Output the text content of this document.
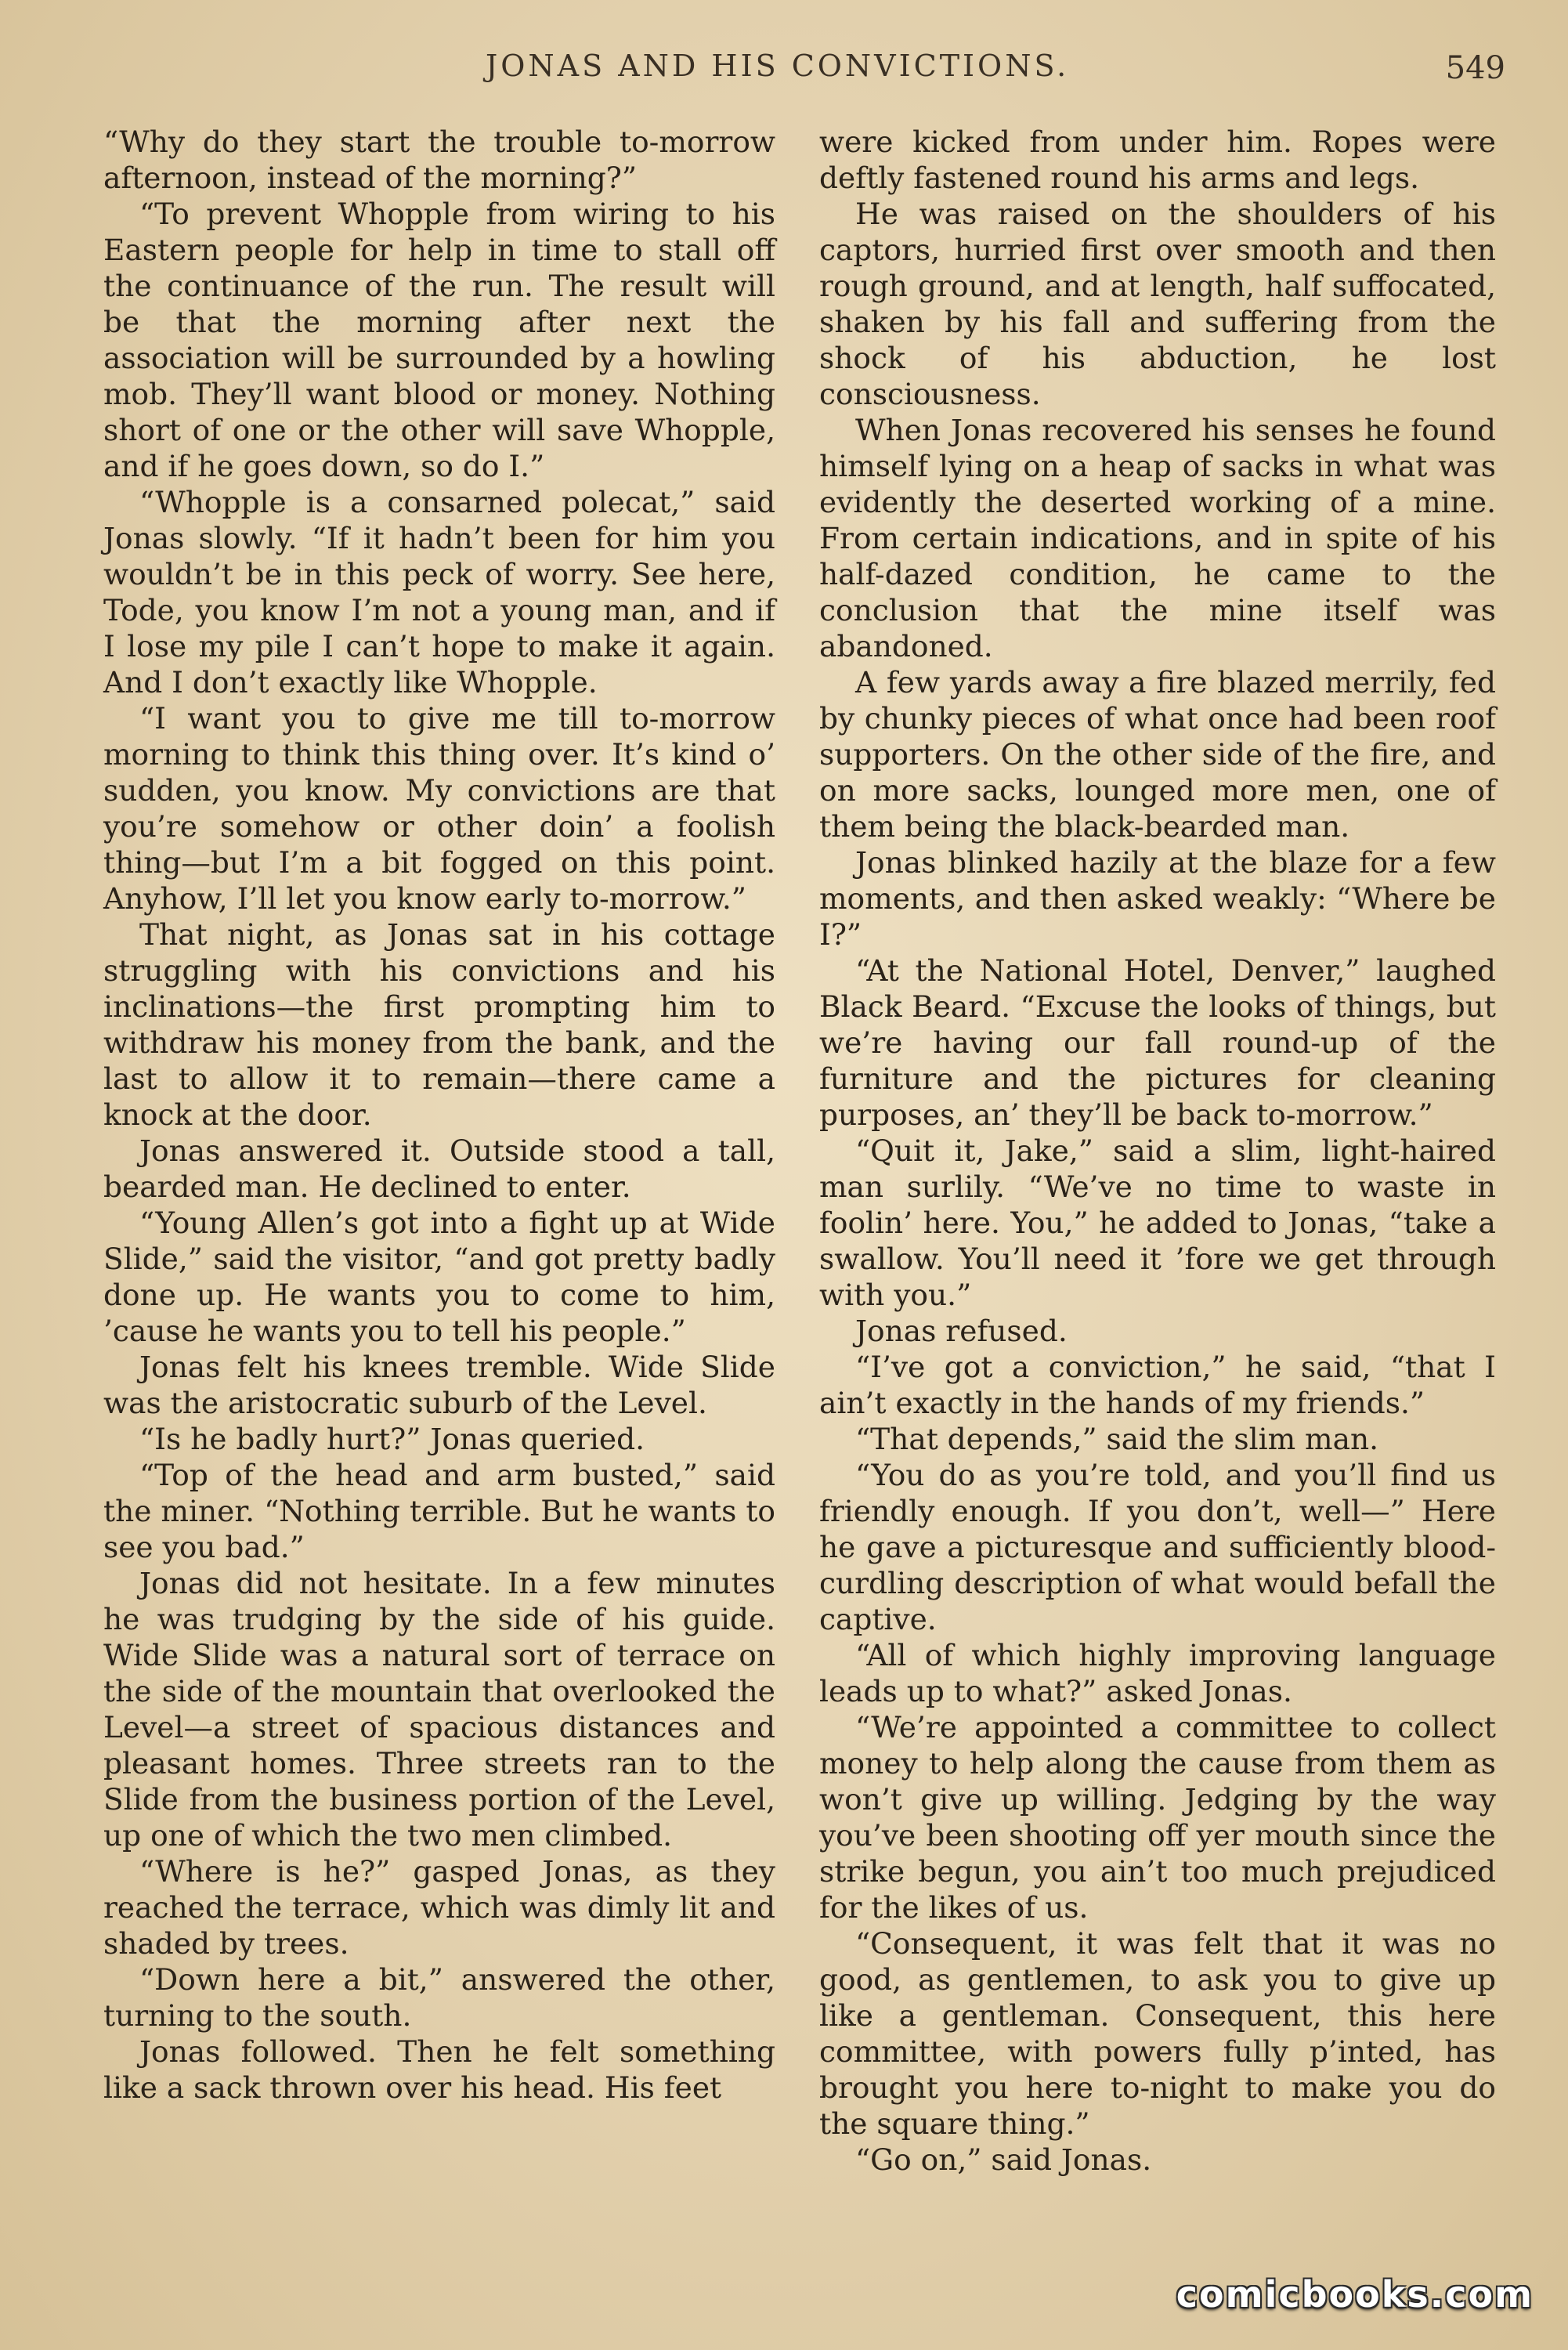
JONAS AND HIS CONVICTIONS.	549

“Why do they start the trouble to-morrow afternoon, instead of the morning?”

“To prevent Whopple from wiring to his Eastern people for help in time to stall off the continuance of the run. The result will be that the morning after next the association will be surrounded by a howling mob. They’ll want blood or money. Nothing short of one or the other will save Whopple, and if he goes down, so do I.”

“Whopple is a consarned polecat,” said Jonas slowly. “If it hadn’t been for him you wouldn’t be in this peck of worry. See here, Tode, you know I’m not a young man, and if I lose my pile I can’t hope to make it again. And I don’t exactly like Whopple.

“I want you to give me till to-morrow morning to think this thing over. It’s kind o’ sudden, you know. My convictions are that you’re somehow or other doin’ a foolish thing—but I’m a bit fogged on this point. Anyhow, I’ll let you know early to-morrow.”

That night, as Jonas sat in his cottage struggling with his convictions and his inclinations—the first prompting him to withdraw his money from the bank, and the last to allow it to remain—there came a knock at the door.

Jonas answered it. Outside stood a tall, bearded man. He declined to enter.

“Young Allen’s got into a fight up at Wide Slide,” said the visitor, “and got pretty badly done up. He wants you to come to him, ’cause he wants you to tell his people.”

Jonas felt his knees tremble. Wide Slide was the aristocratic suburb of the Level.

“Is he badly hurt?” Jonas queried.

“Top of the head and arm busted,” said the miner. “Nothing terrible. But he wants to see you bad.”

Jonas did not hesitate. In a few minutes he was trudging by the side of his guide. Wide Slide was a natural sort of terrace on the side of the mountain that overlooked the Level—a street of spacious distances and pleasant homes. Three streets ran to the Slide from the business portion of the Level, up one of which the two men climbed.

“Where is he?” gasped Jonas, as they reached the terrace, which was dimly lit and shaded by trees.

“Down here a bit,” answered the other, turning to the south.

Jonas followed. Then he felt something like a sack thrown over his head. His feet

were kicked from under him. Ropes were deftly fastened round his arms and legs.

He was raised on the shoulders of his captors, hurried first over smooth and then rough ground, and at length, half suffocated, shaken by his fall and suffering from the shock of his abduction, he lost consciousness.

When Jonas recovered his senses he found himself lying on a heap of sacks in what was evidently the deserted working of a mine. From certain indications, and in spite of his half-dazed condition, he came to the conclusion that the mine itself was abandoned.

A few yards away a fire blazed merrily, fed by chunky pieces of what once had been roof supporters. On the other side of the fire, and on more sacks, lounged more men, one of them being the black-bearded man.

Jonas blinked hazily at the blaze for a few moments, and then asked weakly: “Where be I?”

“At the National Hotel, Denver,” laughed Black Beard. “Excuse the looks of things, but we’re having our fall round-up of the furniture and the pictures for cleaning purposes, an’ they’ll be back to-morrow.”

“Quit it, Jake,” said a slim, light-haired man surlily. “We’ve no time to waste in foolin’ here. You,” he added to Jonas, “take a swallow. You’ll need it ’fore we get through with you.”

Jonas refused.

“I’ve got a conviction,” he said, “that I ain’t exactly in the hands of my friends.”

“That depends,” said the slim man.

“You do as you’re told, and you’ll find us friendly enough. If you don’t, well—” Here he gave a picturesque and sufficiently blood-curdling description of what would befall the captive.

“All of which highly improving language leads up to what?” asked Jonas.

“We’re appointed a committee to collect money to help along the cause from them as won’t give up willing. Jedging by the way you’ve been shooting off yer mouth since the strike begun, you ain’t too much prejudiced for the likes of us.

“Consequent, it was felt that it was no good, as gentlemen, to ask you to give up like a gentleman. Consequent, this here committee, with powers fully p’inted, has brought you here to-night to make you do the square thing.”

“Go on,” said Jonas.

comicbooks.com
